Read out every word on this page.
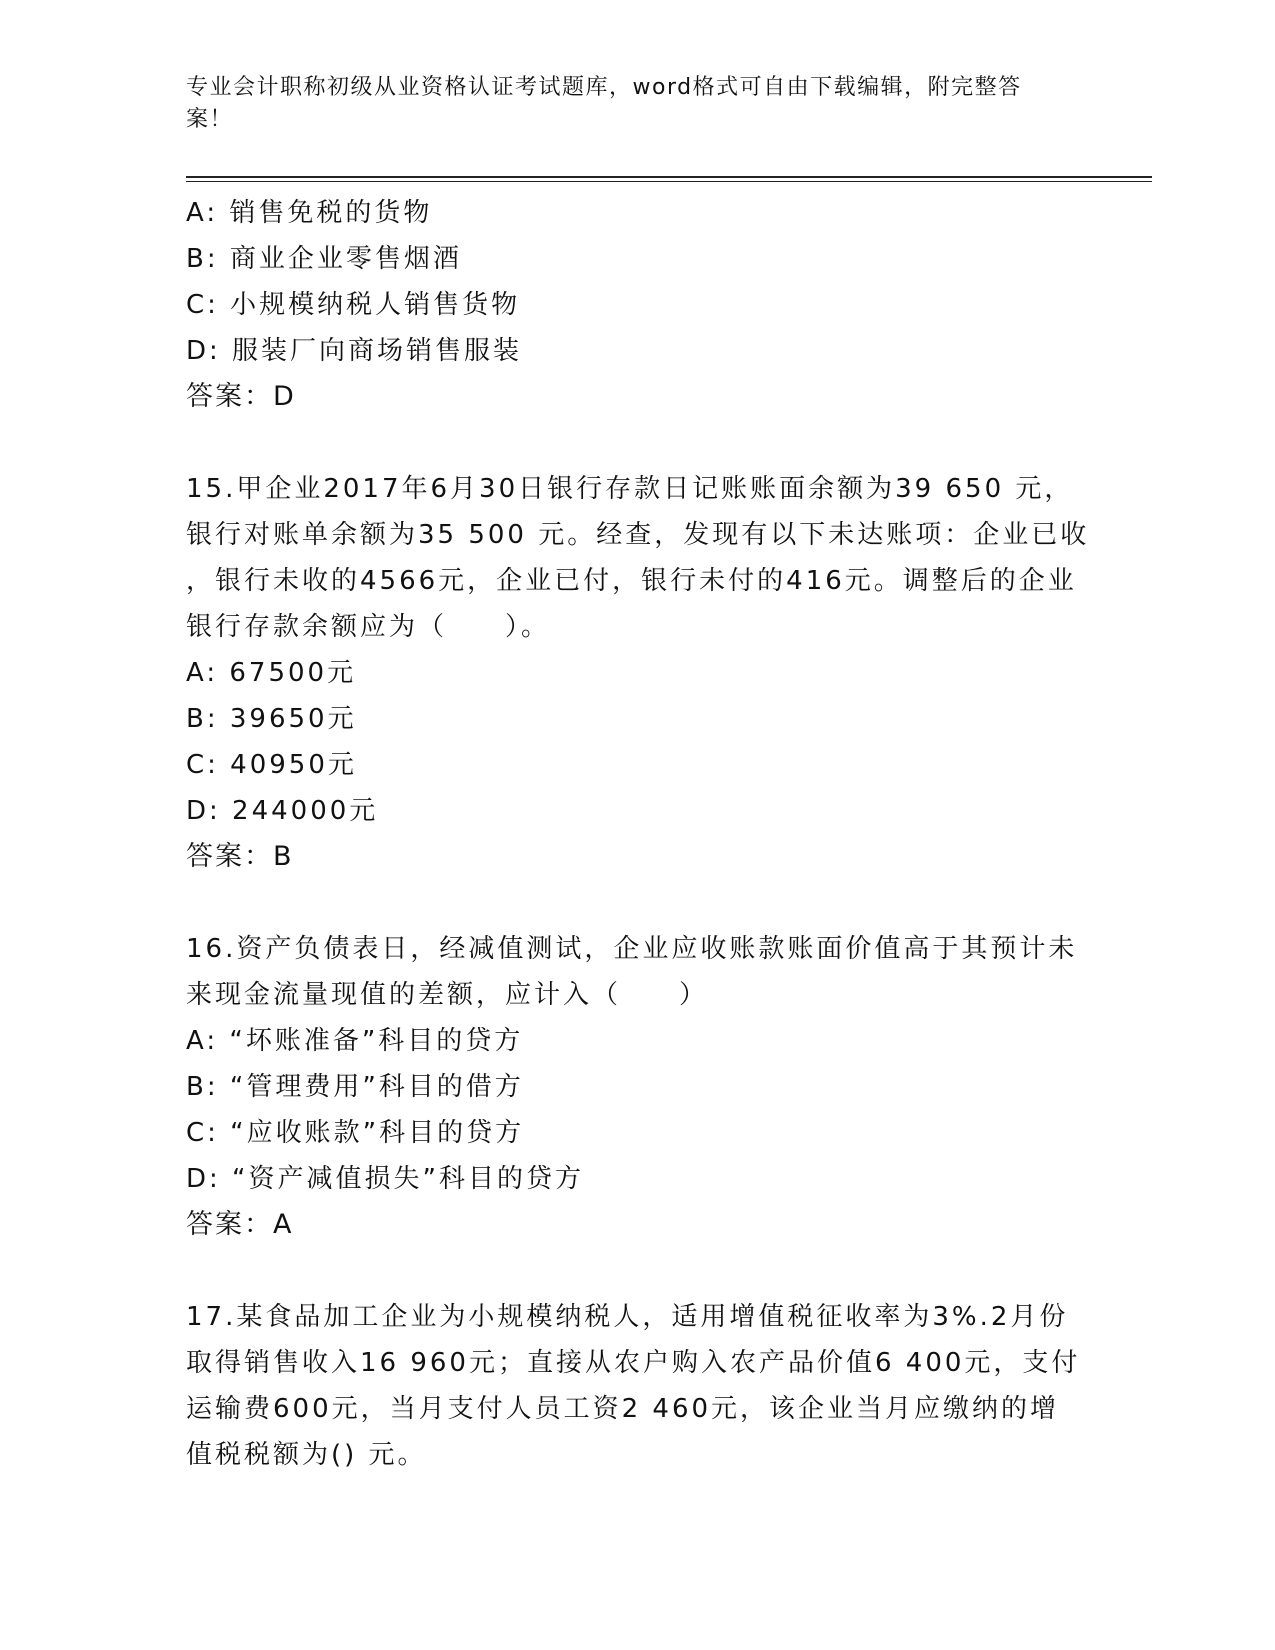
专业会计职称初级从业资格认证考试题库，word格式可自由下载编辑，附完整答
案！
A: 销售免税的货物
B: 商业企业零售烟酒
C: 小规模纳税人销售货物
D: 服装厂向商场销售服装
答案：D
15.甲企业2017年6月30日银行存款日记账账面余额为39 650 元，
银行对账单余额为35 500 元。经查，发现有以下未达账项：企业已收
，银行未收的4566元，企业已付，银行未付的416元。调整后的企业
银行存款余额应为（　　）。
A: 67500元
B: 39650元
C: 40950元
D: 244000元
答案：B
16.资产负债表日，经减值测试，企业应收账款账面价值高于其预计未
来现金流量现值的差额，应计入（　　）
A: “坏账准备”科目的贷方
B: “管理费用”科目的借方
C: “应收账款”科目的贷方
D: “资产减值损失”科目的贷方
答案：A
17.某食品加工企业为小规模纳税人，适用增值税征收率为3%.2月份
取得销售收入16 960元；直接从农户购入农产品价值6 400元，支付
运输费600元，当月支付人员工资2 460元，该企业当月应缴纳的增
值税税额为() 元。
